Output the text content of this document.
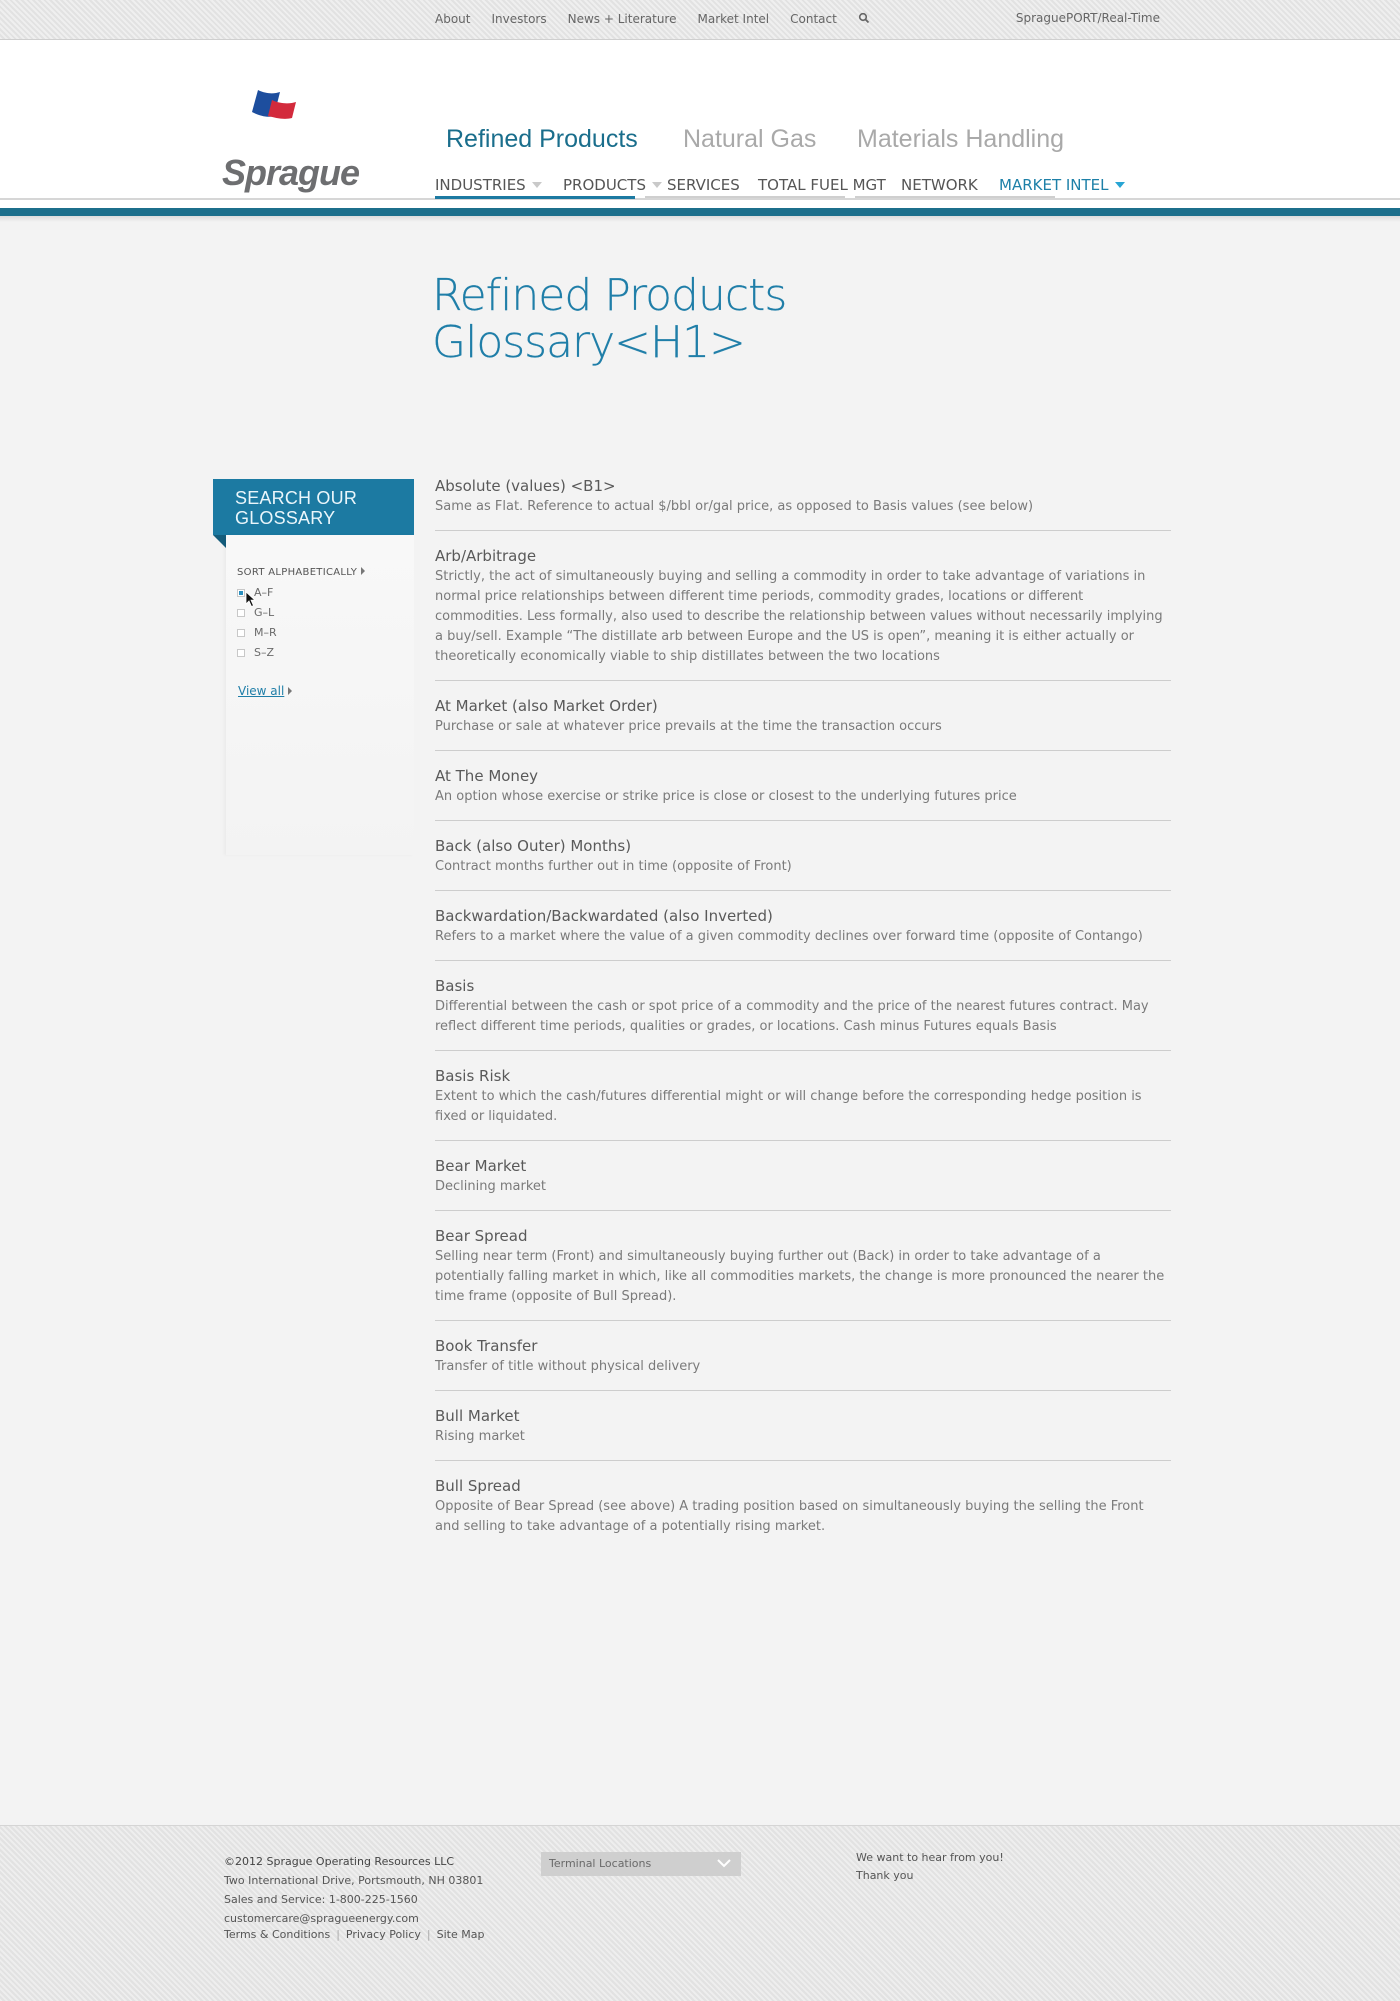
About Investors News + Literature Market Intel Contact	SpraguePORT/Real-Time
Sprague
Refined Products Natural Gas Materials Handling
INDUSTRIES	PRODUCTS	SERVICES TOTAL FUEL MGT NETWORK MARKET INTEL
Refined Products
Glossary<H1>
SEARCH OUR GLOSSARY
SORT ALPHABETICALLY
A–F
G–L
M–R
S–Z
View all
Absolute (values) <B1>
Same as Flat. Reference to actual $/bbl or/gal price, as opposed to Basis values (see below)
Arb/Arbitrage
Strictly, the act of simultaneously buying and selling a commodity in order to take advantage of variations in normal price relationships between different time periods, commodity grades, locations or different commodities. Less formally, also used to describe the relationship between values without necessarily implying a buy/sell. Example “The distillate arb between Europe and the US is open”, meaning it is either actually or theoretically economically viable to ship distillates between the two locations
At Market (also Market Order)
Purchase or sale at whatever price prevails at the time the transaction occurs
At The Money
An option whose exercise or strike price is close or closest to the underlying futures price
Back (also Outer) Months)
Contract months further out in time (opposite of Front)
Backwardation/Backwardated (also Inverted)
Refers to a market where the value of a given commodity declines over forward time (opposite of Contango)
Basis
Differential between the cash or spot price of a commodity and the price of the nearest futures contract. May reflect different time periods, qualities or grades, or locations. Cash minus Futures equals Basis
Basis Risk
Extent to which the cash/futures differential might or will change before the corresponding hedge position is fixed or liquidated.
Bear Market
Declining market
Bear Spread
Selling near term (Front) and simultaneously buying further out (Back) in order to take advantage of a potentially falling market in which, like all commodities markets, the change is more pronounced the nearer the time frame (opposite of Bull Spread).
Book Transfer
Transfer of title without physical delivery
Bull Market
Rising market
Bull Spread
Opposite of Bear Spread (see above) A trading position based on simultaneously buying the selling the Front and selling to take advantage of a potentially rising market.
©2012 Sprague Operating Resources LLC
Two International Drive, Portsmouth, NH 03801
Sales and Service: 1-800-225-1560
customercare@spragueenergy.com
Terms & Conditions | Privacy Policy | Site Map
Terminal Locations	We want to hear from you!
Thank you
